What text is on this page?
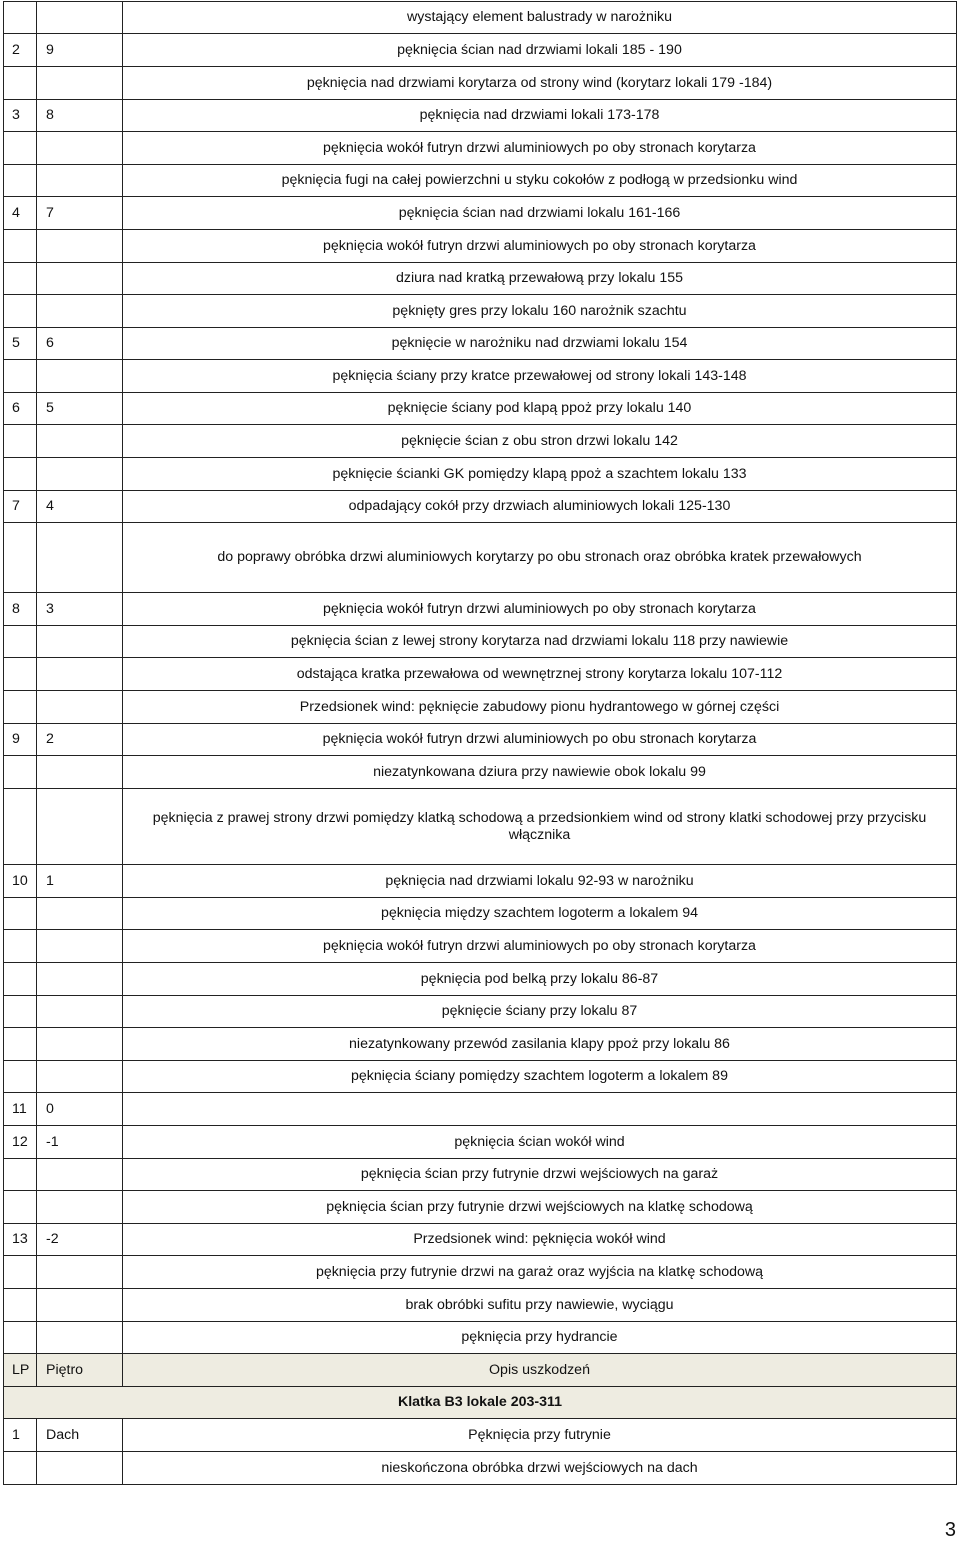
		wystający element balustrady w narożniku
2	9	pęknięcia ścian nad drzwiami lokali 185 - 190
		pęknięcia nad drzwiami korytarza od strony wind (korytarz lokali 179 -184)
3	8	pęknięcia nad drzwiami lokali 173-178
		pęknięcia wokół futryn drzwi aluminiowych po oby stronach korytarza
		pęknięcia fugi na całej powierzchni u styku cokołów z podłogą w przedsionku wind
4	7	pęknięcia ścian nad drzwiami lokalu 161-166
		pęknięcia wokół futryn drzwi aluminiowych po oby stronach korytarza
		dziura nad kratką przewałową przy lokalu 155
		pęknięty gres przy lokalu 160 narożnik szachtu
5	6	pęknięcie w narożniku nad drzwiami lokalu 154
		pęknięcia ściany przy kratce przewałowej od strony lokali 143-148
6	5	pęknięcie ściany pod klapą ppoż przy lokalu 140
		pęknięcie ścian z obu stron drzwi lokalu 142
		pęknięcie ścianki GK pomiędzy klapą ppoż a szachtem lokalu 133
7	4	odpadający cokół przy drzwiach aluminiowych lokali 125-130
		do poprawy obróbka drzwi aluminiowych korytarzy po obu stronach oraz obróbka kratek przewałowych
8	3	pęknięcia wokół futryn drzwi aluminiowych po oby stronach korytarza
		pęknięcia ścian z lewej strony korytarza nad drzwiami lokalu 118 przy nawiewie
		odstająca kratka przewałowa od wewnętrznej strony korytarza lokalu 107-112
		Przedsionek wind: pęknięcie zabudowy pionu hydrantowego w górnej części
9	2	pęknięcia wokół futryn drzwi aluminiowych po obu stronach korytarza
		niezatynkowana dziura przy nawiewie obok lokalu 99
		pęknięcia z prawej strony drzwi pomiędzy klatką schodową a przedsionkiem wind od strony klatki schodowej przy przycisku włącznika
10	1	pęknięcia nad drzwiami lokalu 92-93 w narożniku
		pęknięcia między szachtem logoterm a lokalem 94
		pęknięcia wokół futryn drzwi aluminiowych po oby stronach korytarza
		pęknięcia pod belką przy lokalu 86-87
		pęknięcie ściany przy lokalu 87
		niezatynkowany przewód zasilania klapy ppoż przy lokalu 86
		pęknięcia ściany pomiędzy szachtem logoterm a lokalem 89
11	0	
12	-1	pęknięcia ścian wokół wind
		pęknięcia ścian przy futrynie drzwi wejściowych na garaż
		pęknięcia ścian przy futrynie drzwi wejściowych na klatkę schodową
13	-2	Przedsionek wind: pęknięcia wokół wind
		pęknięcia przy futrynie drzwi na garaż oraz wyjścia na klatkę schodową
		brak obróbki sufitu przy nawiewie, wyciągu
		pęknięcia przy hydrancie
LP	Piętro	Opis uszkodzeń
Klatka B3 lokale 203-311		
1	Dach	Pęknięcia przy futrynie
		nieskończona obróbka drzwi wejściowych na dach
3
